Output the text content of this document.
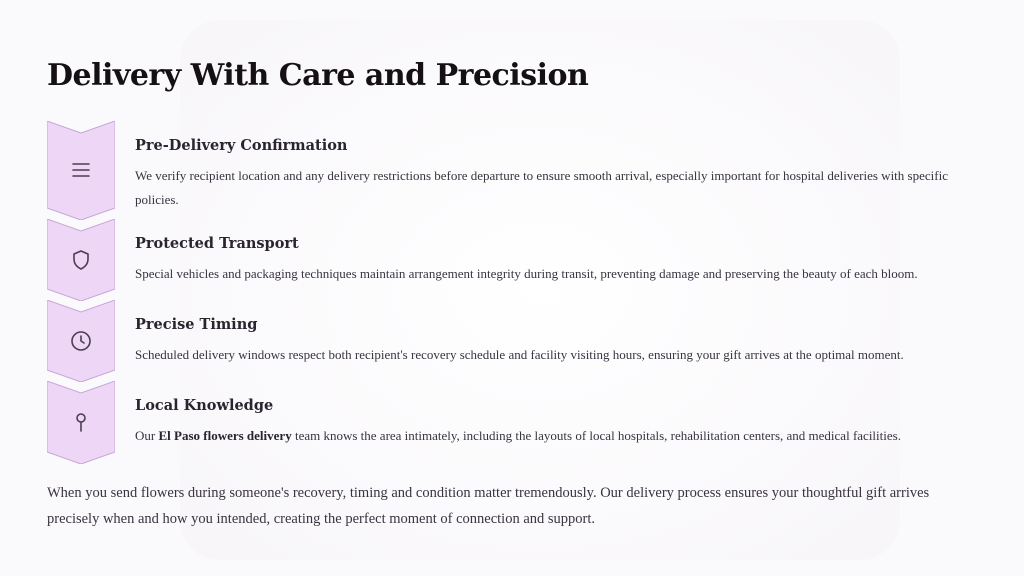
Delivery With Care and Precision
Pre-Delivery Confirmation
We verify recipient location and any delivery restrictions before departure to ensure smooth arrival, especially important for hospital deliveries with specific policies.
Protected Transport
Special vehicles and packaging techniques maintain arrangement integrity during transit, preventing damage and preserving the beauty of each bloom.
Precise Timing
Scheduled delivery windows respect both recipient's recovery schedule and facility visiting hours, ensuring your gift arrives at the optimal moment.
Local Knowledge
Our El Paso flowers delivery team knows the area intimately, including the layouts of local hospitals, rehabilitation centers, and medical facilities.

When you send flowers during someone's recovery, timing and condition matter tremendously. Our delivery process ensures your thoughtful gift arrives precisely when and how you intended, creating the perfect moment of connection and support.
